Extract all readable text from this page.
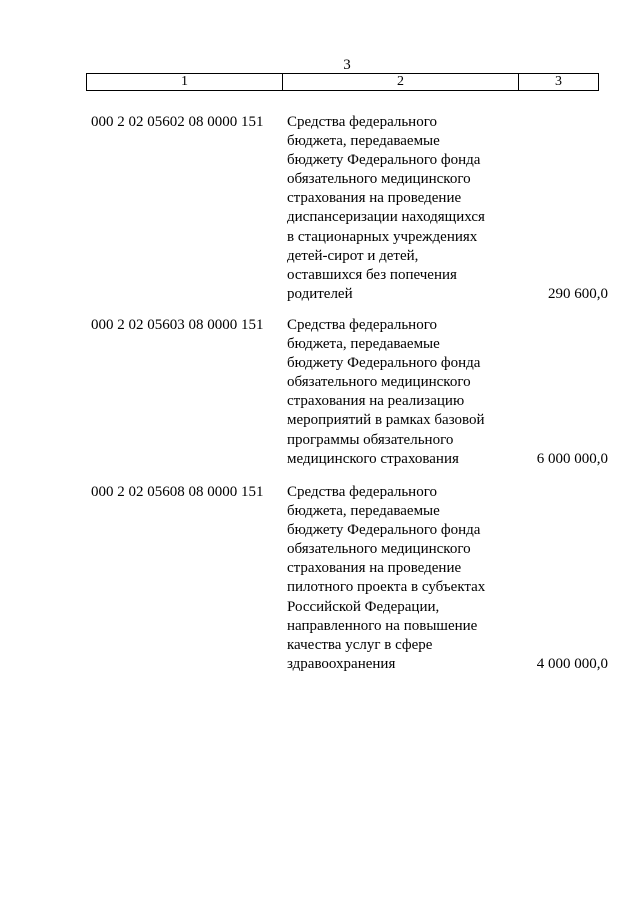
3
1	2	3
000 2 02 05602 08 0000 151 Средства федерального
бюджета, передаваемые
бюджету Федерального фонда
обязательного медицинского
страхования на проведение
диспансеризации находящихся
в стационарных учреждениях
детей-сирот и детей,
оставшихся без попечения
родителей	290 600,0
000 2 02 05603 08 0000 151 Средства федерального
бюджета, передаваемые
бюджету Федерального фонда
обязательного медицинского
страхования на реализацию
мероприятий в рамках базовой
программы обязательного
медицинского страхования	6 000 000,0
000 2 02 05608 08 0000 151 Средства федерального
бюджета, передаваемые
бюджету Федерального фонда
обязательного медицинского
страхования на проведение
пилотного проекта в субъектах
Российской Федерации,
направленного на повышение
качества услуг в сфере
здравоохранения	4 000 000,0
